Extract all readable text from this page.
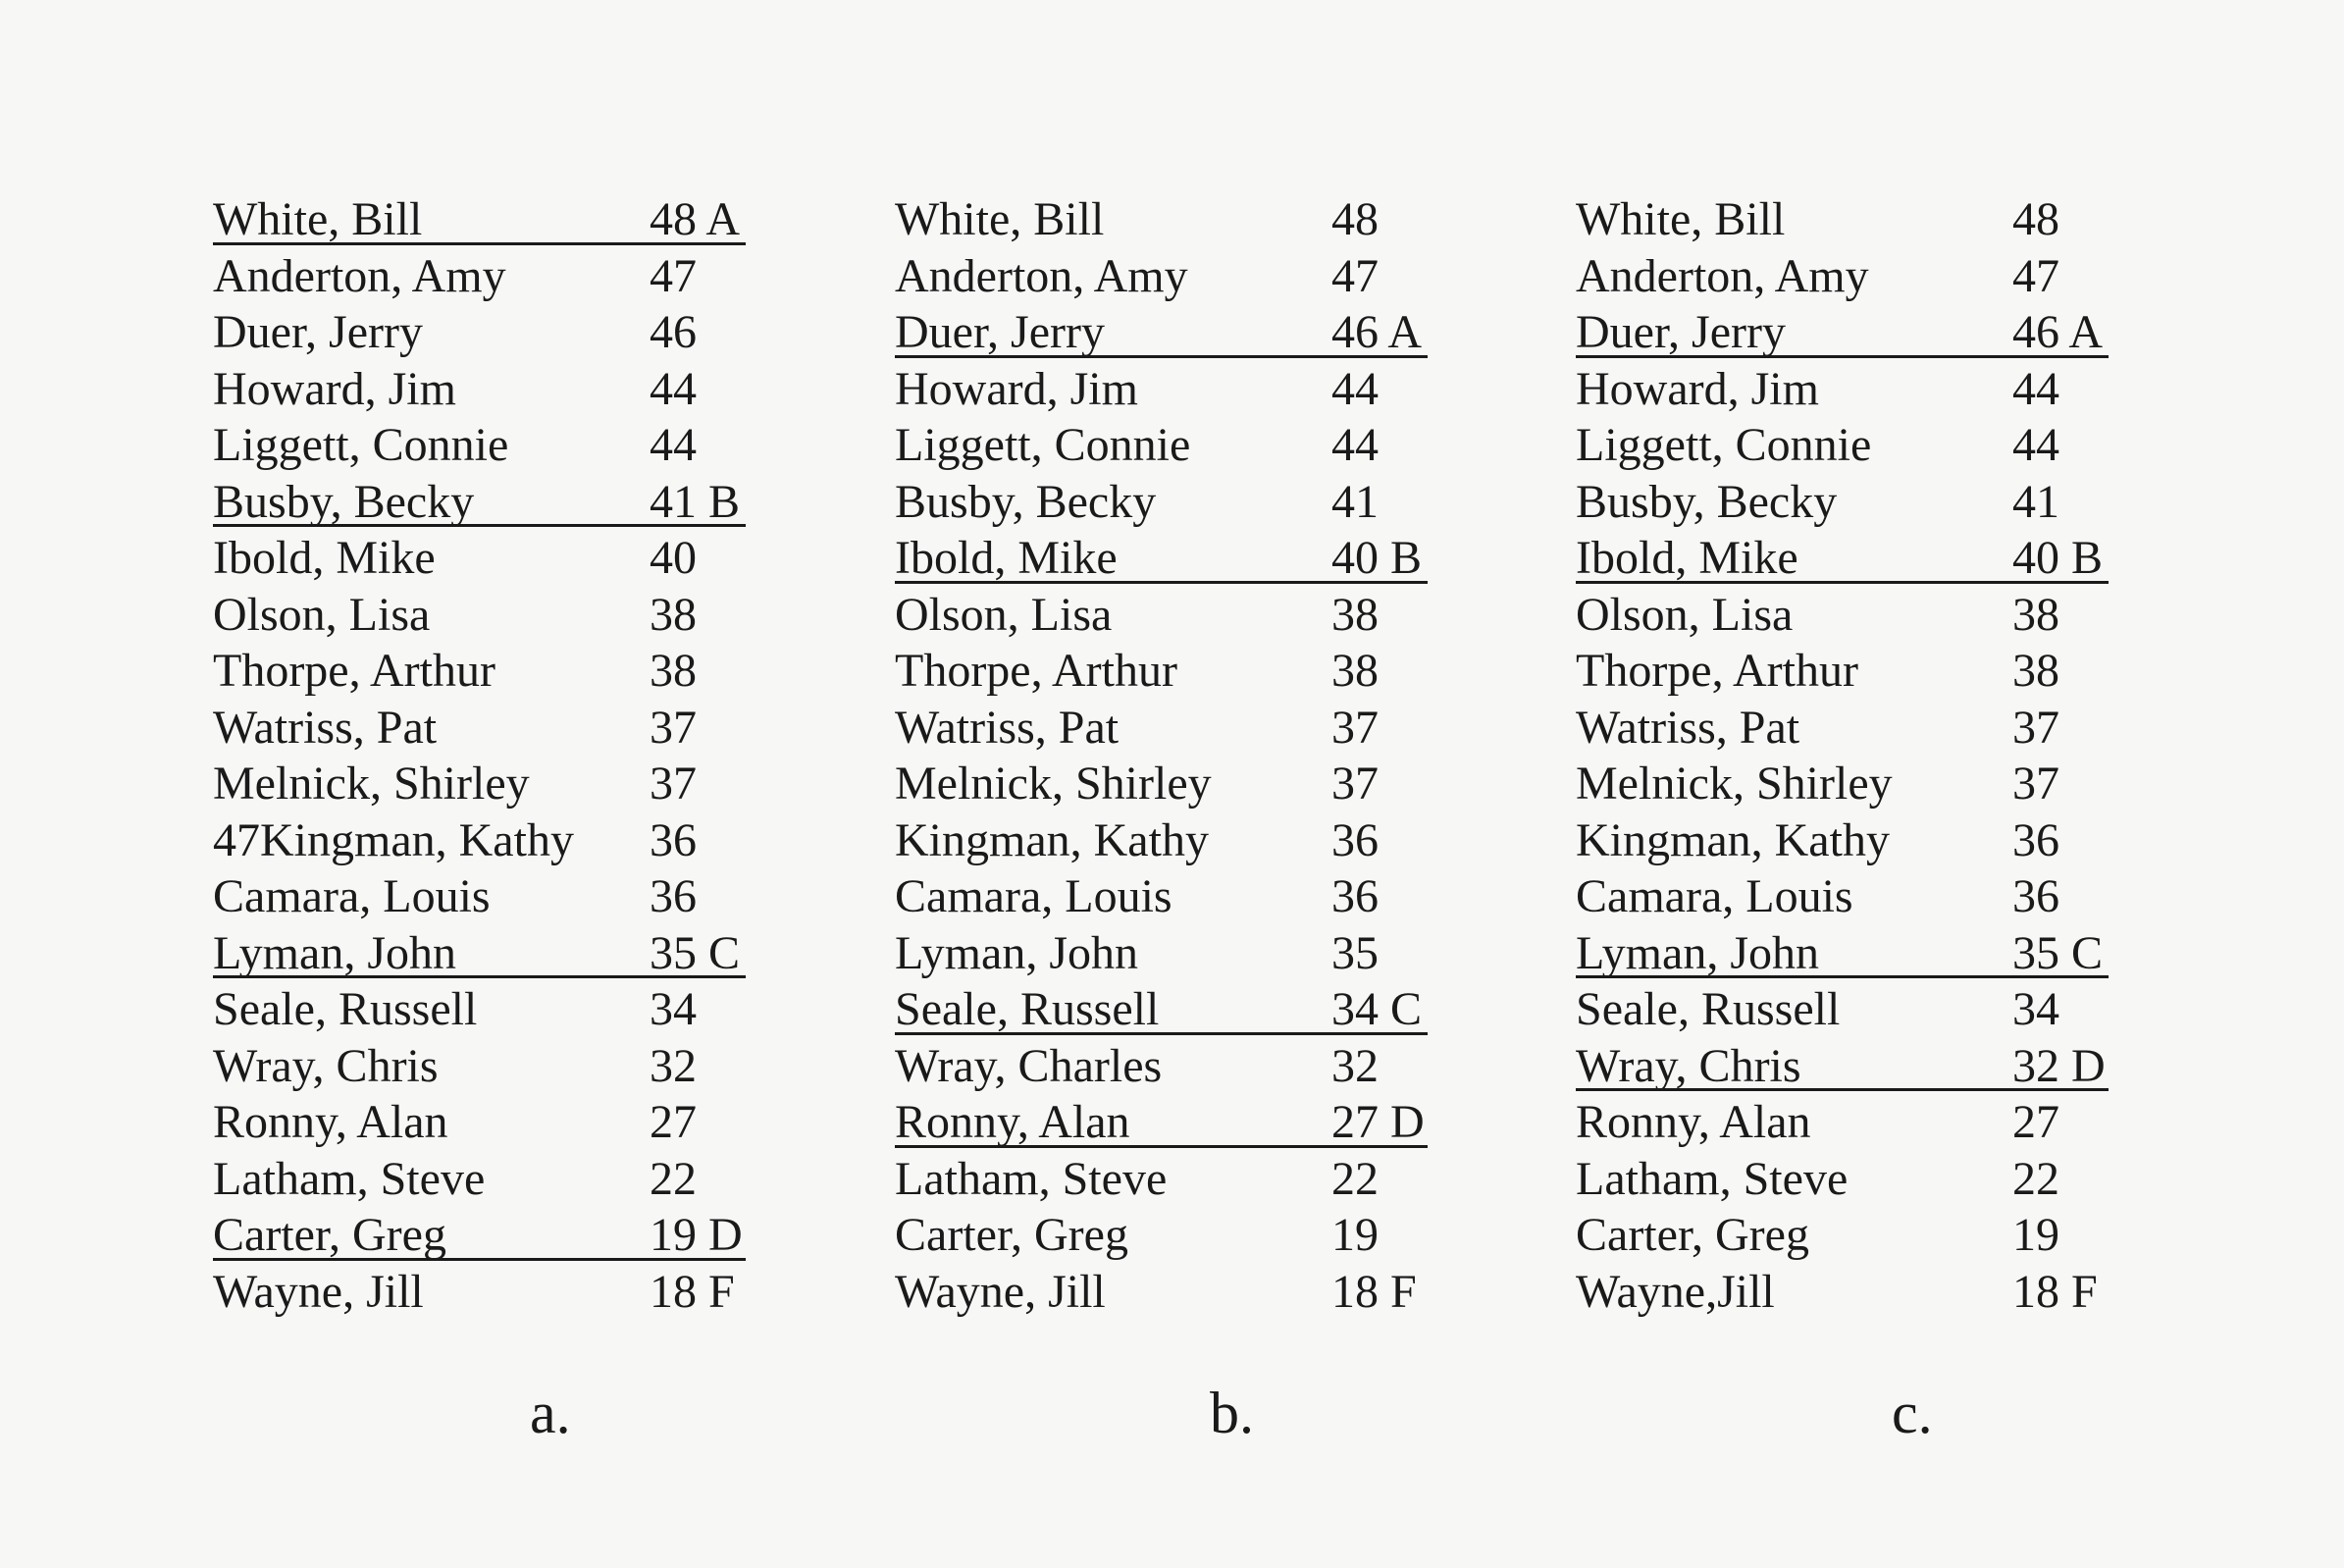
White, Bill	48 A
Anderton, Amy	47
Duer, Jerry	46
Howard, Jim	44
Liggett, Connie	44
Busby, Becky	41 B
Ibold, Mike	40
Olson, Lisa	38
Thorpe, Arthur	38
Watriss, Pat	37
Melnick, Shirley	37
47Kingman, Kathy 36
Camara, Louis	36
Lyman, John	35 C
Seale, Russell	34
Wray, Chris	32
Ronny, Alan	27
Latham, Steve	22
Carter, Greg	19 D
Wayne, Jill	18 F
White, Bill	48
Anderton, Amy	47
Duer, Jerry	46 A
Howard, Jim	44
Liggett, Connie	44
Busby, Becky	41
Ibold, Mike	40 B
Olson, Lisa	38
Thorpe, Arthur	38
Watriss, Pat	37
Melnick, Shirley	37
Kingman, Kathy	36
Camara, Louis	36
Lyman, John	35
Seale, Russell	34 C
Wray, Charles	32
Ronny, Alan	27 D
Latham, Steve	22
Carter, Greg	19
Wayne, Jill	18 F
White, Bill	48
Anderton, Amy	47
Duer, Jerry	46 A
Howard, Jim	44
Liggett, Connie	44
Busby, Becky	41
Ibold, Mike	40 B
Olson, Lisa	38
Thorpe, Arthur	38
Watriss, Pat	37
Melnick, Shirley	37
Kingman, Kathy	36
Camara, Louis	36
Lyman, John	35 C
Seale, Russell	34
Wray, Chris	32 D
Ronny, Alan	27
Latham, Steve	22
Carter, Greg	19
Wayne,Jill	18 F
a.	b.	c.
